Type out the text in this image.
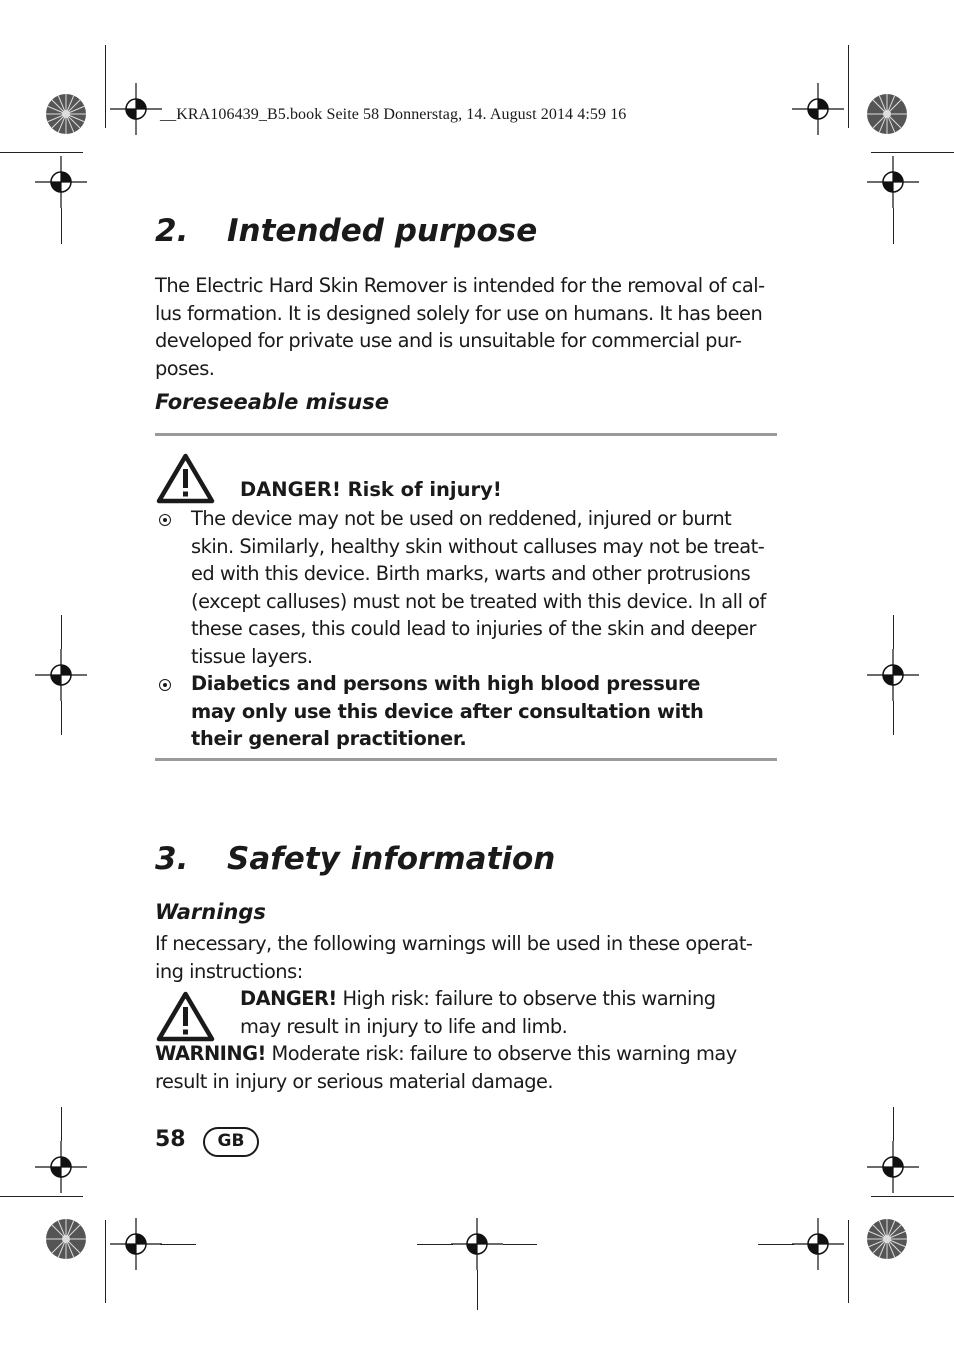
__KRA106439_B5.book Seite 58 Donnerstag, 14. August 2014 4:59 16
2. Intended purpose
The Electric Hard Skin Remover is intended for the removal of cal-
lus formation. It is designed solely for use on humans. It has been
developed for private use and is unsuitable for commercial pur-
poses.
Foreseeable misuse
DANGER! Risk of injury!
The device may not be used on reddened, injured or burnt
skin. Similarly, healthy skin without calluses may not be treat-
ed with this device. Birth marks, warts and other protrusions
(except calluses) must not be treated with this device. In all of
these cases, this could lead to injuries of the skin and deeper
tissue layers.
Diabetics and persons with high blood pressure
may only use this device after consultation with
their general practitioner.
3. Safety information
Warnings
If necessary, the following warnings will be used in these operat-
ing instructions:
DANGER! High risk: failure to observe this warning
may result in injury to life and limb.
WARNING! Moderate risk: failure to observe this warning may
result in injury or serious material damage.
58	GB
